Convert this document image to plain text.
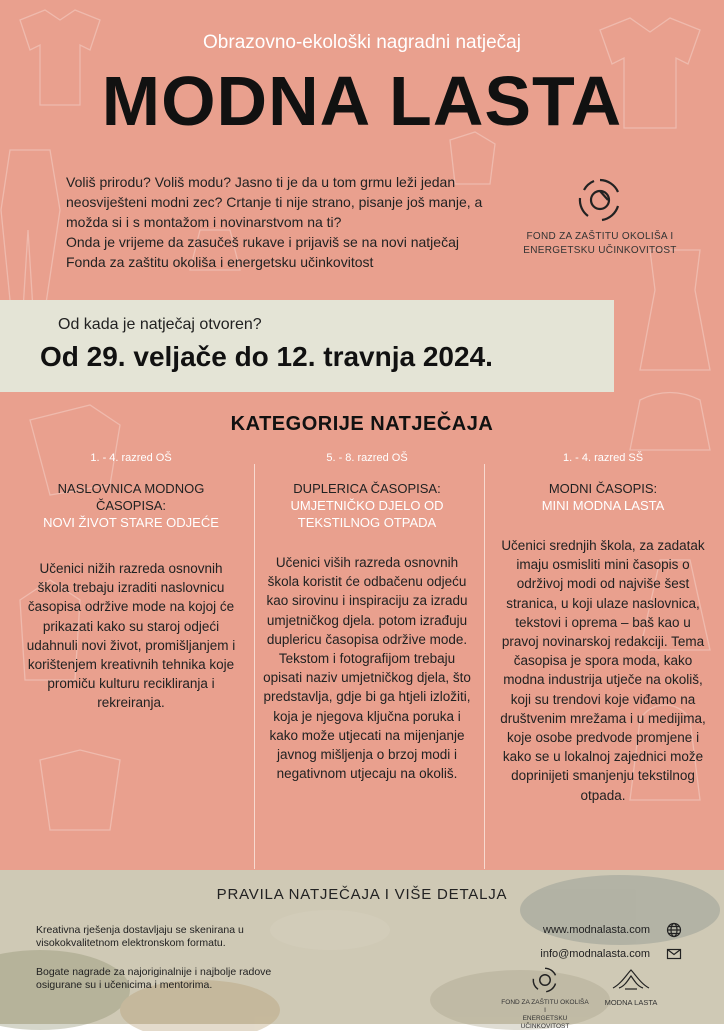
Obrazovno-ekološki nagradni natječaj
MODNA LASTA

Voliš prirodu? Voliš modu? Jasno ti je da u tom grmu leži jedan neosviješteni modni zec? Crtanje ti nije strano, pisanje još manje, a možda si i s montažom i novinarstvom na ti?

Onda je vrijeme da zasučeš rukave i prijaviš se na novi natječaj Fonda za zaštitu okoliša i energetsku učinkovitost

FOND ZA ZAŠTITU OKOLIŠA I
ENERGETSKU UČINKOVITOST
Od kada je natječaj otvoren?
Od 29. veljače do 12. travnja 2024.
KATEGORIJE NATJEČAJA
1. - 4. razred OŠ
NASLOVNICA MODNOG ČASOPISA:
NOVI ŽIVOT STARE ODJEĆE
Učenici nižih razreda osnovnih škola trebaju izraditi naslovnicu časopisa održive mode na kojoj će prikazati kako su staroj odjeći udahnuli novi život, promišljanjem i korištenjem kreativnih tehnika koje promiču kulturu recikliranja i rekreiranja.
5. - 8. razred OŠ
DUPLERICA ČASOPISA:
UMJETNIČKO DJELO OD TEKSTILNOG OTPADA
Učenici viših razreda osnovnih škola koristit će odbačenu odjeću kao sirovinu i inspiraciju za izradu umjetničkog djela. potom izrađuju duplericu časopisa održive mode. Tekstom i fotografijom trebaju opisati naziv umjetničkog djela, što predstavlja, gdje bi ga htjeli izložiti, koja je njegova ključna poruka i kako može utjecati na mijenjanje javnog mišljenja o brzoj modi i negativnom utjecaju na okoliš.
1. - 4. razred SŠ
MODNI ČASOPIS:
MINI MODNA LASTA
Učenici srednjih škola, za zadatak imaju osmisliti mini časopis o održivoj modi od najviše šest stranica, u koji ulaze naslovnica, tekstovi i oprema – baš kao u pravoj novinarskoj redakciji. Tema časopisa je spora moda, kako modna industrija utječe na okoliš, koji su trendovi koje viđamo na društvenim mrežama i u medijima, koje osobe predvode promjene i kako se u lokalnoj zajednici može doprinijeti smanjenju tekstilnog otpada.
PRAVILA NATJEČAJA I VIŠE DETALJA
Kreativna rješenja dostavljaju se skenirana u visokokvalitetnom elektronskom formatu.
Bogate nagrade za najoriginalnije i najbolje radove osigurane su i učenicima i mentorima.
www.modnalasta.com
info@modnalasta.com
FOND ZA ZAŠTITU OKOLIŠA I
ENERGETSKU UČINKOVITOST
MODNA LASTA
